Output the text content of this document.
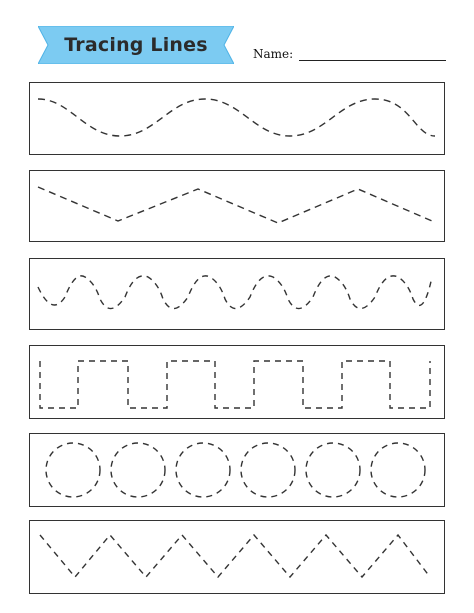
Tracing Lines	Name:
